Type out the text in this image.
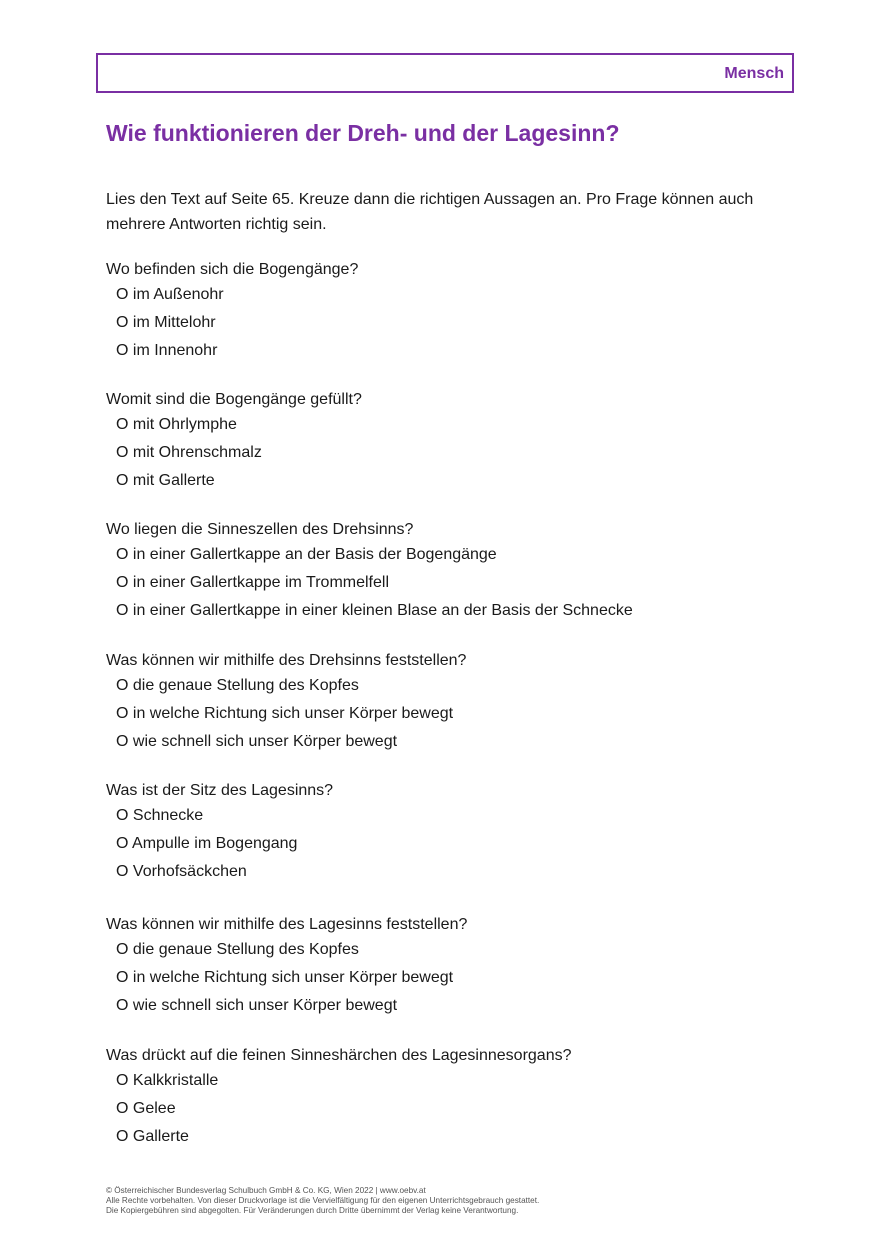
Mensch
Wie funktionieren der Dreh- und der Lagesinn?

Lies den Text auf Seite 65. Kreuze dann die richtigen Aussagen an. Pro Frage können auch mehrere Antworten richtig sein.

Wo befinden sich die Bogengänge?

O im Außenohr
O im Mittelohr
O im Innenohr

Womit sind die Bogengänge gefüllt?

O mit Ohrlymphe
O mit Ohrenschmalz
O mit Gallerte

Wo liegen die Sinneszellen des Drehsinns?

O in einer Gallertkappe an der Basis der Bogengänge
O in einer Gallertkappe im Trommelfell
O in einer Gallertkappe in einer kleinen Blase an der Basis der Schnecke

Was können wir mithilfe des Drehsinns feststellen?

O die genaue Stellung des Kopfes
O in welche Richtung sich unser Körper bewegt
O wie schnell sich unser Körper bewegt

Was ist der Sitz des Lagesinns?

O Schnecke
O Ampulle im Bogengang
O Vorhofsäckchen

Was können wir mithilfe des Lagesinns feststellen?

O die genaue Stellung des Kopfes
O in welche Richtung sich unser Körper bewegt
O wie schnell sich unser Körper bewegt

Was drückt auf die feinen Sinneshärchen des Lagesinnesorgans?

O Kalkkristalle
O Gelee
O Gallerte
© Österreichischer Bundesverlag Schulbuch GmbH & Co. KG, Wien 2022 | www.oebv.at
Alle Rechte vorbehalten. Von dieser Druckvorlage ist die Vervielfältigung für den eigenen Unterrichtsgebrauch gestattet.
Die Kopiergebühren sind abgegolten. Für Veränderungen durch Dritte übernimmt der Verlag keine Verantwortung.
